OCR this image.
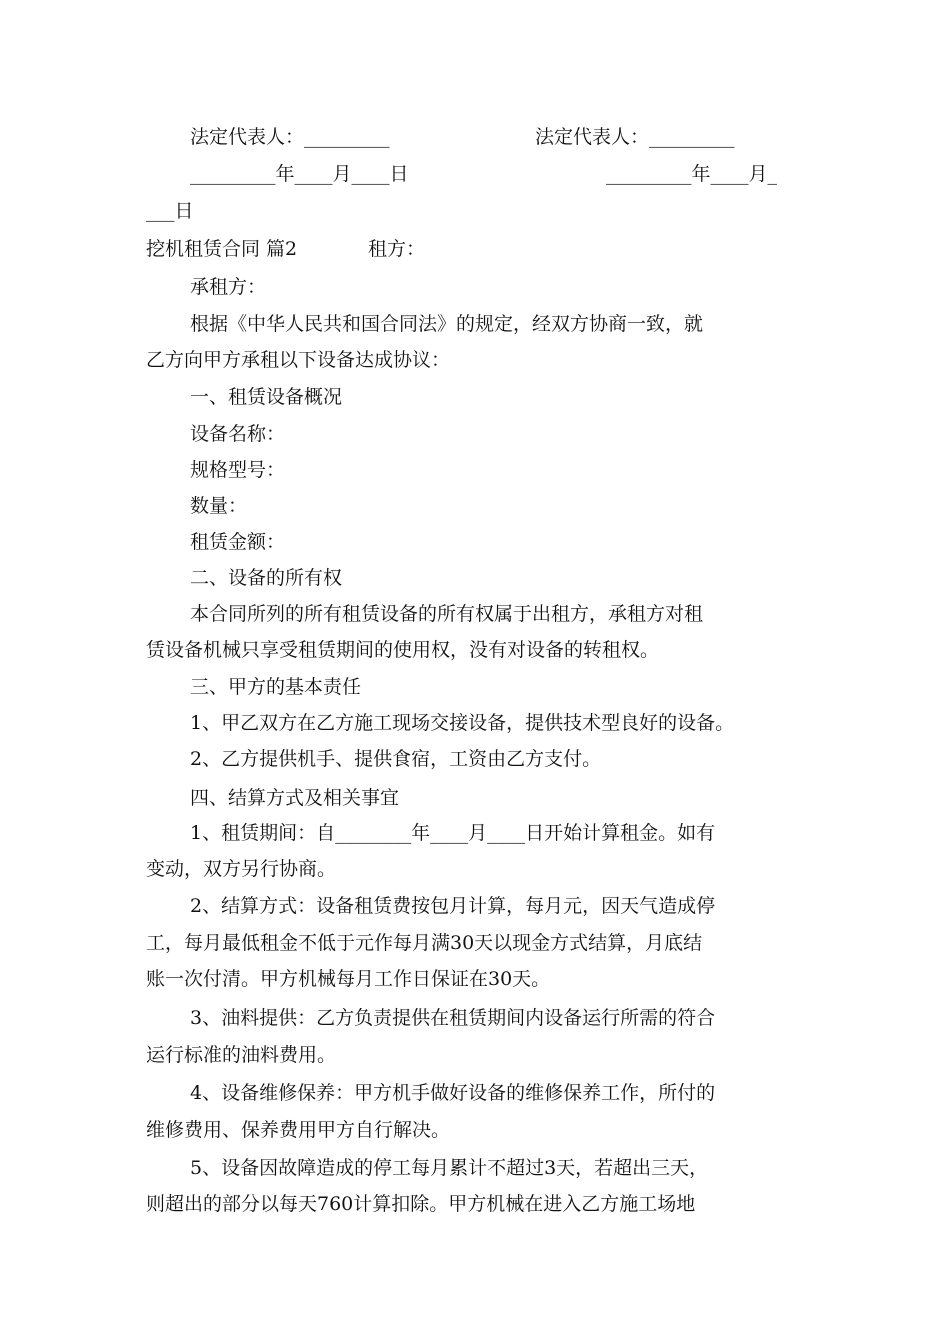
法定代表人：_________	法定代表人：_________
_________年____月____日	_________年____月_
___日
挖机租赁合同 篇2	租方：
承租方：
根据《中华人民共和国合同法》的规定，经双方协商一致，就
乙方向甲方承租以下设备达成协议：
一、租赁设备概况
设备名称：
规格型号：
数量：
租赁金额：
二、设备的所有权
本合同所列的所有租赁设备的所有权属于出租方，承租方对租
赁设备机械只享受租赁期间的使用权，没有对设备的转租权。
三、甲方的基本责任
1、甲乙双方在乙方施工现场交接设备，提供技术型良好的设备。
2、乙方提供机手、提供食宿，工资由乙方支付。
四、结算方式及相关事宜
1、租赁期间：自________年____月____日开始计算租金。如有
变动，双方另行协商。
2、结算方式：设备租赁费按包月计算，每月元，因天气造成停
工，每月最低租金不低于元作每月满30天以现金方式结算，月底结
账一次付清。甲方机械每月工作日保证在30天。
3、油料提供：乙方负责提供在租赁期间内设备运行所需的符合
运行标准的油料费用。
4、设备维修保养：甲方机手做好设备的维修保养工作，所付的
维修费用、保养费用甲方自行解决。
5、设备因故障造成的停工每月累计不超过3天，若超出三天，
则超出的部分以每天760计算扣除。甲方机械在进入乙方施工场地
